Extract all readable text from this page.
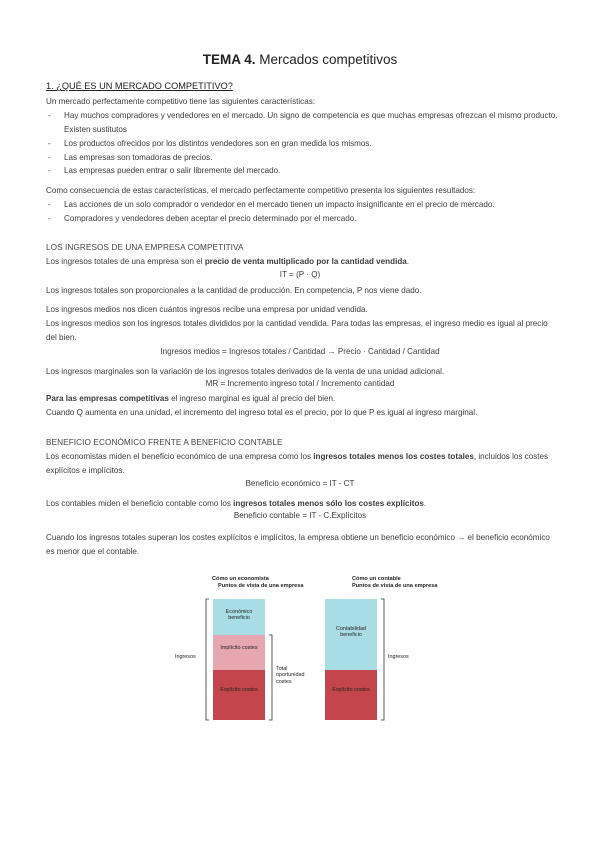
TEMA 4. Mercados competitivos
1. ¿QUÉ ES UN MERCADO COMPETITIVO?
Un mercado perfectamente competitivo tiene las siguientes características:
- Hay muchos compradores y vendedores en el mercado. Un signo de competencia es que muchas empresas ofrezcan el mismo producto. Existen sustitutos
- Los productos ofrecidos por los distintos vendedores son en gran medida los mismos.
- Las empresas son tomadoras de precios.
- Las empresas pueden entrar o salir libremente del mercado.
Como consecuencia de estas características, el mercado perfectamente competitivo presenta los siguientes resultados:
- Las acciones de un solo comprador o vendedor en el mercado tienen un impacto insignificante en el precio de mercado.
- Compradores y vendedores deben aceptar el precio determinado por el mercado.
LOS INGRESOS DE UNA EMPRESA COMPETITIVA
Los ingresos totales de una empresa son el precio de venta multiplicado por la cantidad vendida.
IT = (P · Q)
Los ingresos totales son proporcionales a la cantidad de producción. En competencia, P nos viene dado.
Los ingresos medios nos dicen cuántos ingresos recibe una empresa por unidad vendida.
Los ingresos medios son los ingresos totales divididos por la cantidad vendida. Para todas las empresas, el ingreso medio es igual al precio del bien.
Ingresos medios = Ingresos totales / Cantidad → Precio · Cantidad / Cantidad
Los ingresos marginales son la variación de los ingresos totales derivados de la venta de una unidad adicional.
MR = Incremento ingreso total / Incremento cantidad
Para las empresas competitivas el ingreso marginal es igual al precio del bien.
Cuando Q aumenta en una unidad, el incremento del ingreso total es el precio, por lo que P es igual al ingreso marginal.
BENEFICIO ECONÓMICO FRENTE A BENEFICIO CONTABLE
Los economistas miden el beneficio económico de una empresa como los ingresos totales menos los costes totales, incluidos los costes explícitos e implícitos.
Beneficio económico = IT - CT
Los contables miden el beneficio contable como los ingresos totales menos sólo los costes explícitos.
Beneficio contable = IT - C.Explícitos
Cuando los ingresos totales superan los costes explícitos e implícitos, la empresa obtiene un beneficio económico → el beneficio económico es menor que el contable.
Cómo un economista
Puntos de vista de una empresa
Cómo un contable
Puntos de vista de una empresa
Económico beneficio
Implícito costes
Explícito costes
Contabilidad beneficio
Explícito costes
Ingresos	Ingresos
Total oportunidad costes
